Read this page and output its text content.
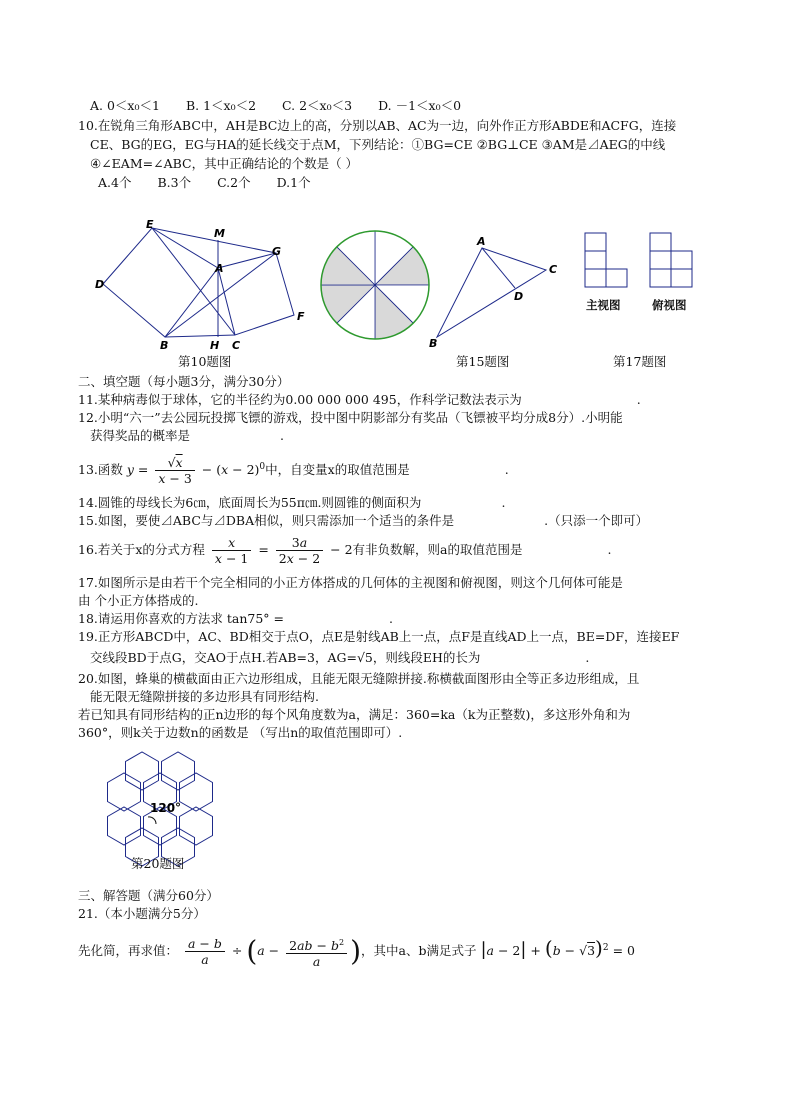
A. 0＜x₀＜1 B. 1＜x₀＜2 C. 2＜x₀＜3 D. －1＜x₀＜0
10.在锐角三角形ABC中，AH是BC边上的高，分别以AB、AC为一边，向外作正方形ABDE和ACFG，连接
CE、BG的EG，EG与HA的延长线交于点M，下列结论：①BG=CE ②BG⊥CE ③AM是⊿AEG的中线
④∠EAM=∠ABC，其中正确结论的个数是（ ）
A.4个 B.3个 C.2个 D.1个
E
M
G
D
A
F
B	H C
第10题图
A
C
D
B
第15题图
主视图	俯视图
第17题图
二、填空题（每小题3分，满分30分）
11.某种病毒似于球体，它的半径约为0.00 000 000 495，作科学记数法表示为	.
12.小明“六一”去公园玩投掷飞镖的游戏，投中图中阴影部分有奖品（飞镖被平均分成8分）.小明能
获得奖品的概率是	.
13.函数 $y = \frac{√x}{x - 3} - (x - 2)^0$中，自变量x的取值范围是	.
14.圆锥的母线长为6㎝，底面周长为55π㎝.则圆锥的侧面积为	.
15.如图，要使⊿ABC与⊿DBA相似，则只需添加一个适当的条件是	.（只添一个即可）
16.若关于x的分式方程 $\frac{x}{x - 1} = \frac{3a}{2x - 2} - 2$有非负数解，则a的取值范围是	.
17.如图所示是由若干个完全相同的小正方体搭成的几何体的主视图和俯视图，则这个几何体可能是
由 个小正方体搭成的.
18.请运用你喜欢的方法求 tan75° =	.
19.正方形ABCD中，AC、BD相交于点O，点E是射线AB上一点，点F是直线AD上一点，BE=DF，连接EF
交线段BD于点G，交AO于点H.若AB=3，AG=√5，则线段EH的长为	.
20.如图，蜂巢的横截面由正六边形组成，且能无限无缝隙拼接.称横截面图形由全等正多边形组成，且
能无限无缝隙拼接的多边形具有同形结构.
若已知具有同形结构的正n边形的每个风角度数为a，满足：360=ka（k为正整数)，多这形外角和为
360°，则k关于边数n的函数是 （写出n的取值范围即可）.
120°
第20题图
三、解答题（满分60分）
21.（本小题满分5分）
先化简，再求值： $\frac{a - b}{a} \div (a - \frac{2ab - b^2}{a}$ )，其中a、b满足式子 $|a - 2| + (b - √3)^2 = 0$
